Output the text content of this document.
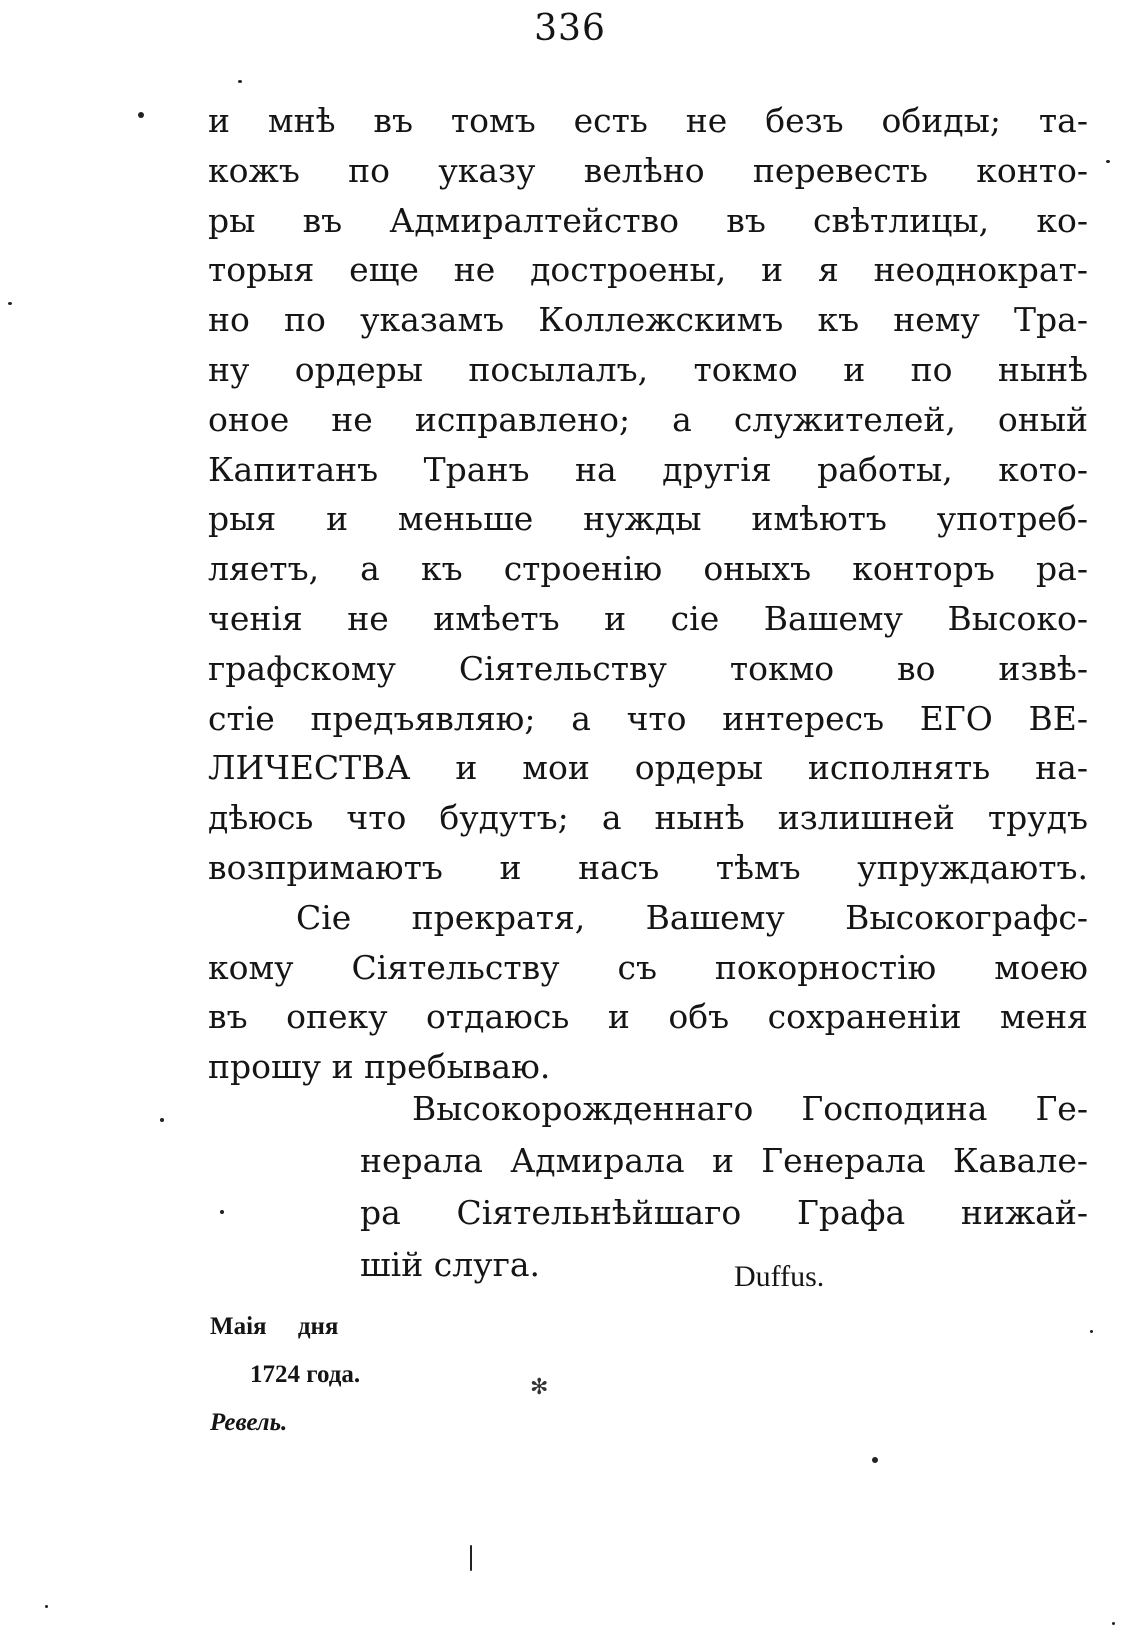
336
и мнѣ въ томъ есть не безъ обиды; та-
кожъ по указу велѣно перевесть конто-
ры въ Адмиралтейство въ свѣтлицы, ко-
торыя еще не достроены, и я неоднократ-
но по указамъ Коллежскимъ къ нему Тра-
ну ордеры посылалъ, токмо и по нынѣ
оное не исправлено; а служителей, оный
Капитанъ Транъ на другія работы, кото-
рыя и меньше нужды имѣютъ употреб-
ляетъ, а къ строенію оныхъ конторъ ра-
ченія не имѣетъ и сіе Вашему Высоко-
графскому Сіятельству токмо во извѣ-
стіе предъявляю; а что интересъ ЕГО ВЕ-
ЛИЧЕСТВА и мои ордеры исполнять на-
дѣюсь что будутъ; а нынѣ излишней трудъ
возпримаютъ и насъ тѣмъ упруждаютъ.
Сіе прекратя, Вашему Высокографс-
кому Сіятельству съ покорностію моею
въ опеку отдаюсь и объ сохраненіи меня
прошу и пребываю.
Высокорожденнаго Господина Ге-
нерала Адмирала и Генерала Кавале-
ра Сіятельнѣйшаго Графа нижай-
шій слуга.	Duffus.
Маія     дня
1724 года.
Ревель.
✻
